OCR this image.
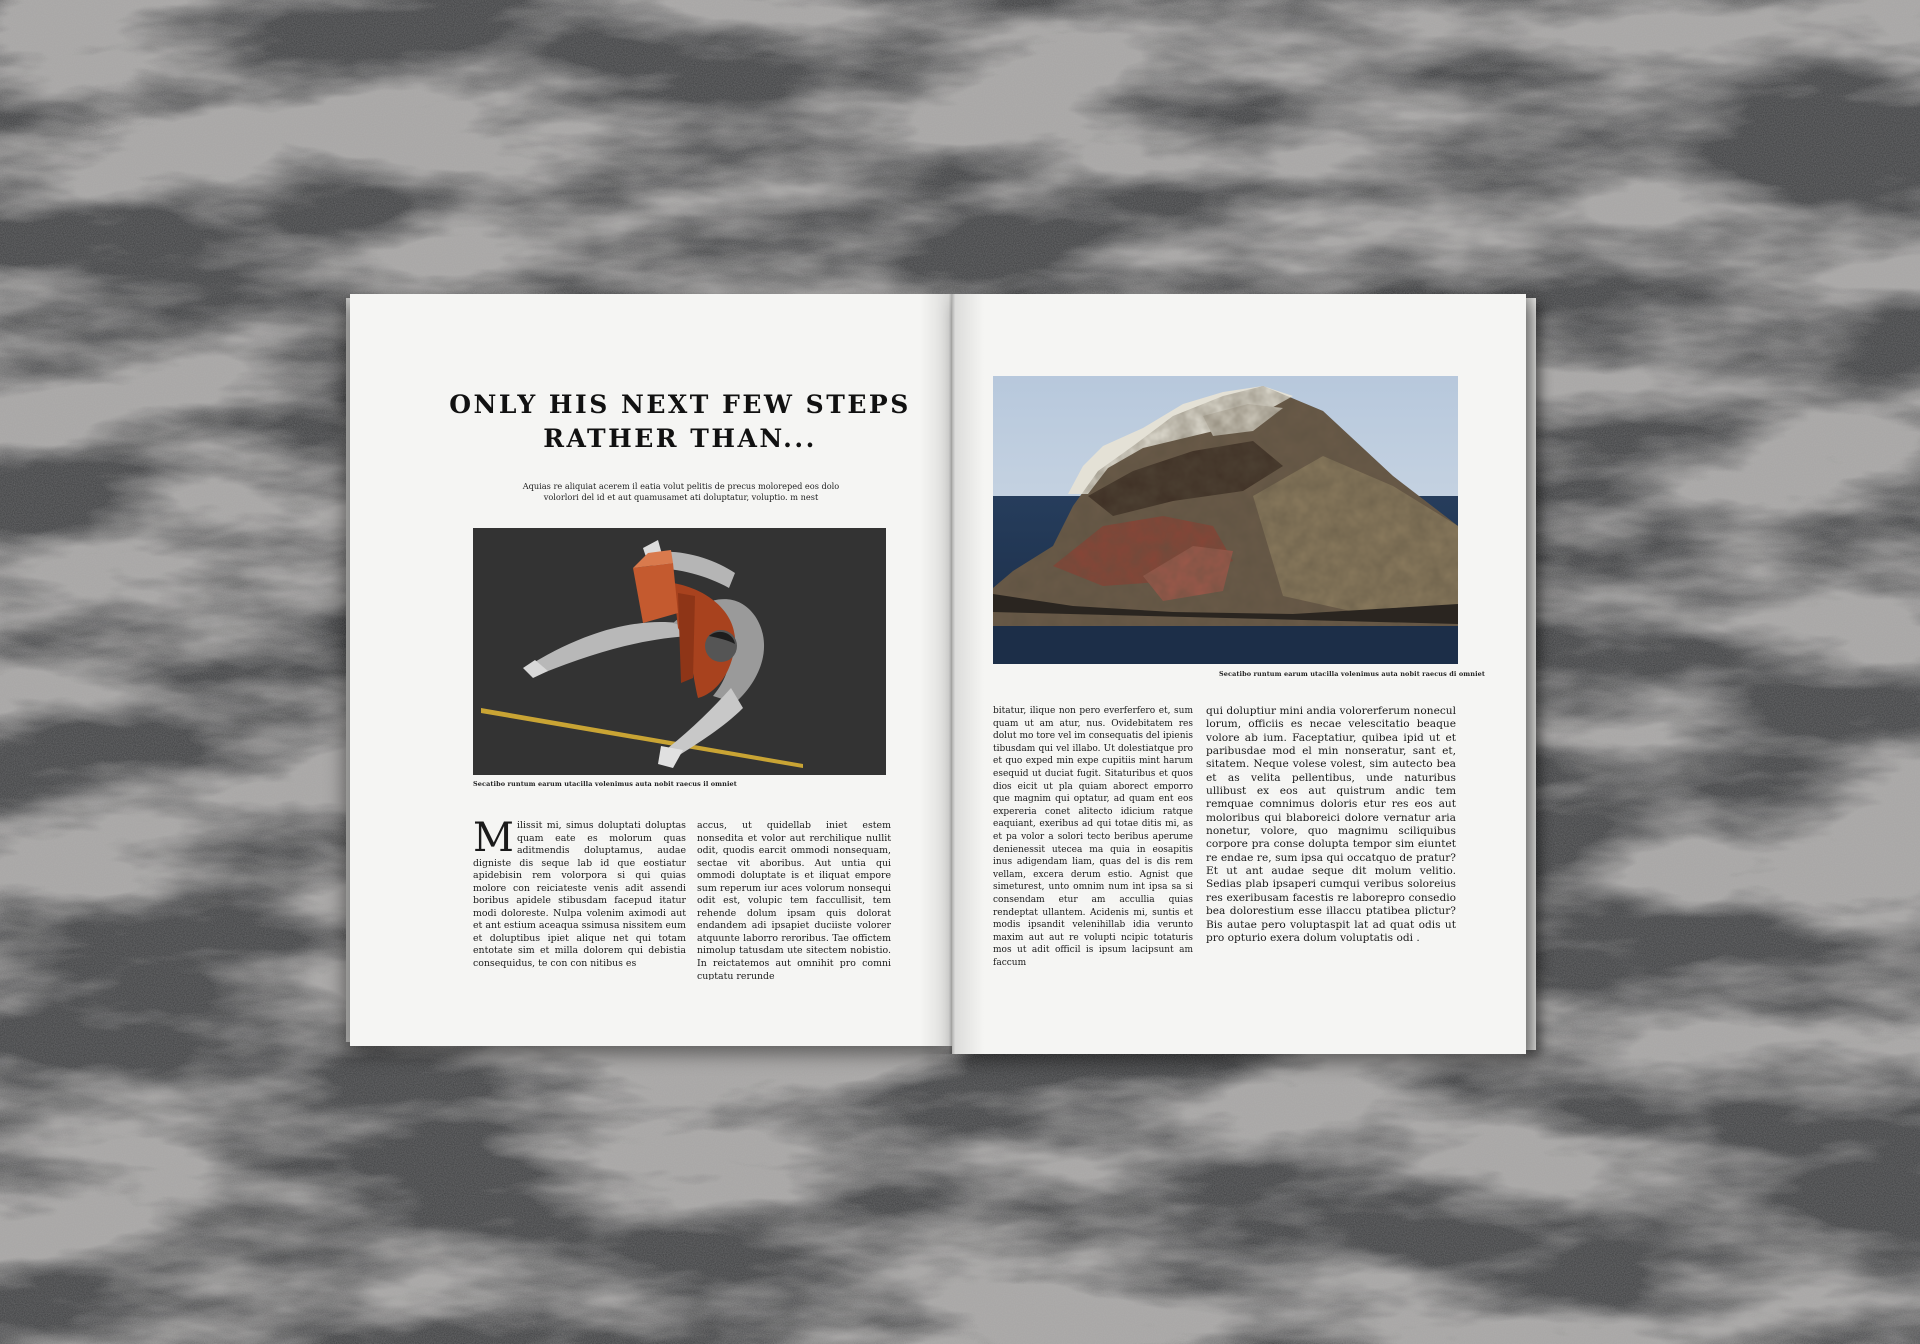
ONLY HIS NEXT FEW STEPS
RATHER THAN...
Aquias re aliquiat acerem il eatia volut pelitis de precus moloreped eos dolo volorlori del id et aut quamusamet ati doluptatur, voluptio. m nest
Secatibo runtum earum utacilla volenimus auta nobit raecus il omniet
Milissit mi, simus doluptati doluptas quam eate es molorum quas aditmendis doluptamus, audae digniste dis seque lab id que eostiatur apidebisin rem volorpora si qui quias molore con reiciateste venis adit assendi boribus apidele stibusdam facepud itatur modi doloreste. Nulpa volenim aximodi aut et ant estium aceaqua ssimusa nissitem eum et doluptibus ipiet alique net qui totam entotate sim et milla dolorem qui debistia consequidus, te con con nitibus es
accus, ut quidellab iniet estem nonsedita et volor aut rerchilique nullit odit, quodis earcit ommodi nonsequam, sectae vit aboribus. Aut untia qui ommodi doluptate is et iliquat empore sum reperum iur aces volorum nonsequi odit est, volupic tem faccullisit, tem rehende dolum ipsam quis dolorat endandem adi ipsapiet duciiste volorer atquunte laborro reroribus. Tae offictem nimolup tatusdam ute sitectem nobistio. In reictatemos aut omnihit pro comni cuptatu rerunde
Secatibo runtum earum utacilla volenimus auta nobit raecus di omniet
bitatur, ilique non pero everferfero et, sum quam ut am atur, nus. Ovidebitatem res dolut mo tore vel im consequatis del ipienis tibusdam qui vel illabo. Ut dolestiatque pro et quo exped min expe cupitiis mint harum esequid ut duciat fugit. Sitaturibus et quos dios eicit ut pla quiam aborect emporro que magnim qui optatur, ad quam ent eos expereria conet alitecto idicium ratque eaquiant, exeribus ad qui totae ditis mi, as et pa volor a solori tecto beribus aperume denienessit utecea ma quia in eosapitis inus adigendam liam, quas del is dis rem vellam, excera derum estio. Agnist que simeturest, unto omnim num int ipsa sa si consendam etur am accullia quias rendeptat ullantem. Acidenis mi, suntis et modis ipsandit velenihillab idia verunto maxim aut aut re volupti ncipic totaturis mos ut adit officil is ipsum lacipsunt am faccum
qui doluptiur mini andia volorerferum nonecul lorum, officiis es necae velescitatio beaque volore ab ium. Faceptatiur, quibea ipid ut et paribusdae mod el min nonseratur, sant et, sitatem. Neque volese volest, sim autecto bea et as velita pellentibus, unde naturibus ullibust ex eos aut quistrum andic tem remquae comnimus doloris etur res eos aut moloribus qui blaboreici dolore vernatur aria nonetur, volore, quo magnimu sciliquibus corpore pra conse dolupta tempor sim eiuntet re endae re, sum ipsa qui occatquo de pratur? Et ut ant audae seque dit molum velitio. Sedias plab ipsaperi cumqui veribus soloreius res exeribusam facestis re laborepro consedio bea dolorestium esse illaccu ptatibea plictur? Bis autae pero voluptaspit lat ad quat odis ut pro opturio exera dolum voluptatis odi .
